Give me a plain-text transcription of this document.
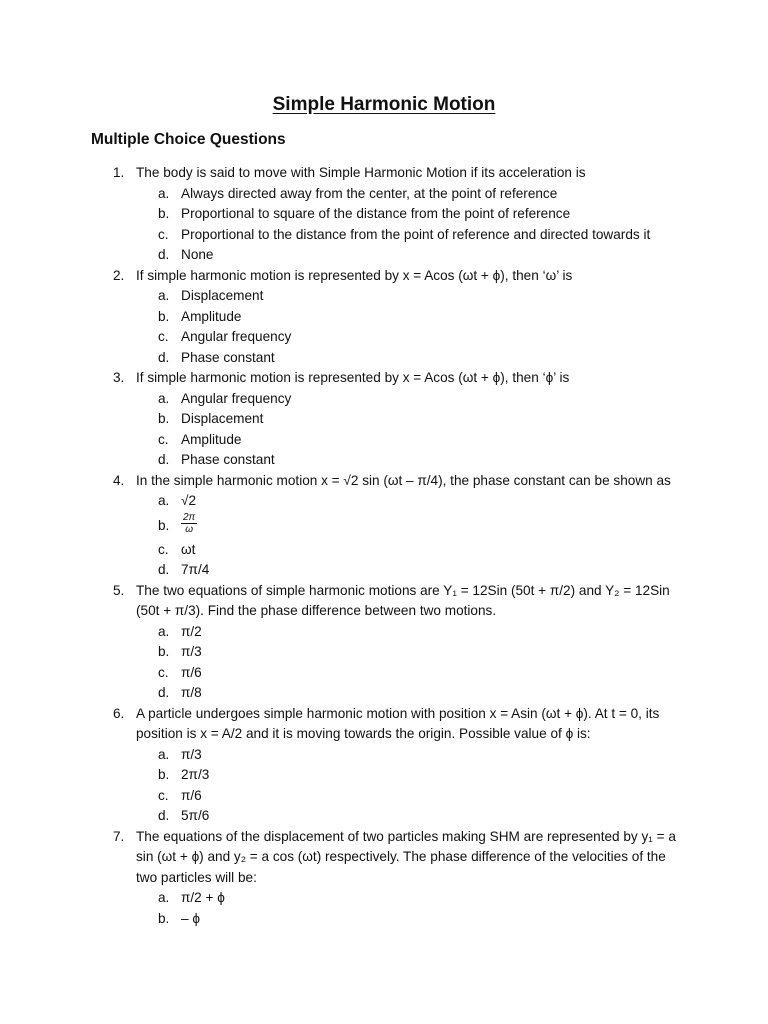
Simple Harmonic Motion
Multiple Choice Questions
1. The body is said to move with Simple Harmonic Motion if its acceleration is
a. Always directed away from the center, at the point of reference
b. Proportional to square of the distance from the point of reference
c. Proportional to the distance from the point of reference and directed towards it
d. None
2. If simple harmonic motion is represented by x = Acos (ωt + ϕ), then ‘ω’ is
a. Displacement
b. Amplitude
c. Angular frequency
d. Phase constant
3. If simple harmonic motion is represented by x = Acos (ωt + ϕ), then ‘ϕ’ is
a. Angular frequency
b. Displacement
c. Amplitude
d. Phase constant
4. In the simple harmonic motion x = √2 sin (ωt – π/4), the phase constant can be shown as
a. √2
b. $\frac{2\pi}{\omega}$
c. ωt
d. 7π/4
5. The two equations of simple harmonic motions are Y₁ = 12Sin (50t + π/2) and Y₂ = 12Sin (50t + π/3). Find the phase difference between two motions.
a. π/2
b. π/3
c. π/6
d. π/8
6. A particle undergoes simple harmonic motion with position x = Asin (ωt + ϕ). At t = 0, its position is x = A/2 and it is moving towards the origin. Possible value of ϕ is:
a. π/3
b. 2π/3
c. π/6
d. 5π/6
7. The equations of the displacement of two particles making SHM are represented by y₁ = a sin (ωt + ϕ) and y₂ = a cos (ωt) respectively. The phase difference of the velocities of the two particles will be:
a. π/2 + ϕ
b. – ϕ
